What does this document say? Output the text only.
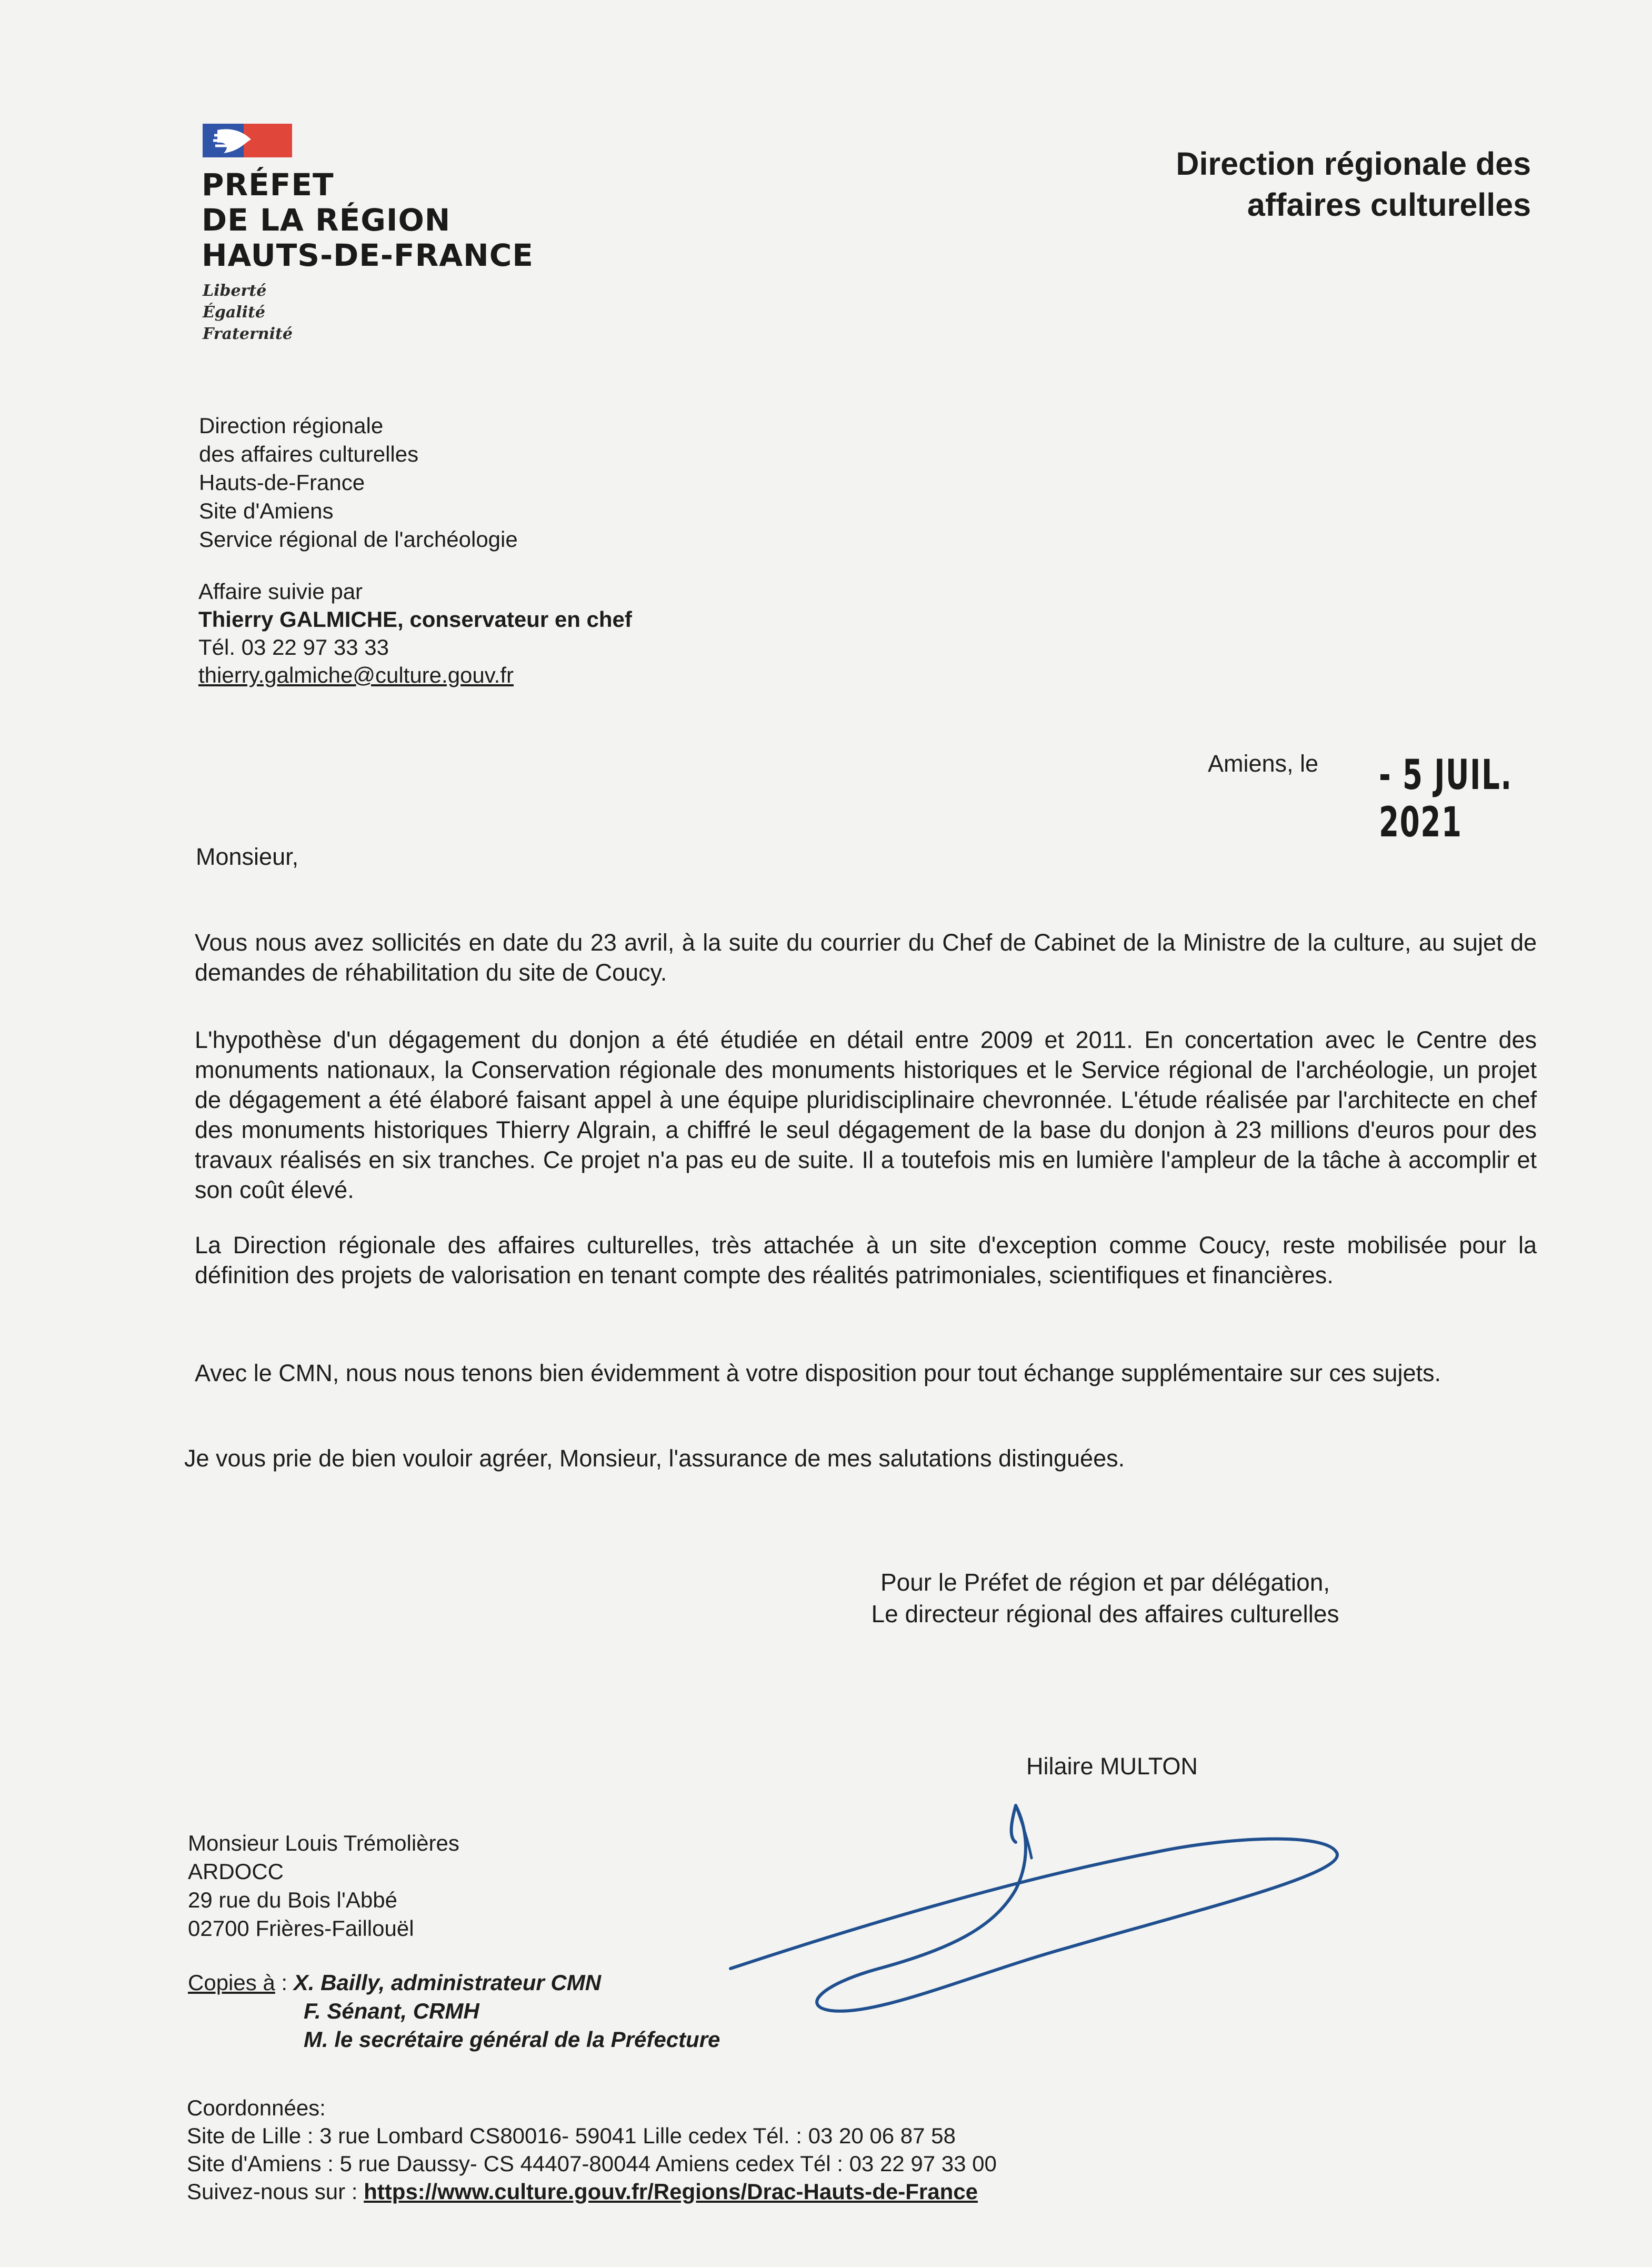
PRÉFET
DE LA RÉGION
HAUTS-DE-FRANCE
Liberté
Égalité
Fraternité
Direction régionale des
affaires culturelles
Direction régionale
des affaires culturelles
Hauts-de-France
Site d'Amiens
Service régional de l'archéologie
Affaire suivie par
Thierry GALMICHE, conservateur en chef
Tél. 03 22 97 33 33
thierry.galmiche@culture.gouv.fr
Amiens, le - 5 JUIL. 2021
Monsieur,
Vous nous avez sollicités en date du 23 avril, à la suite du courrier du Chef de Cabinet de la Ministre de la culture, au sujet de demandes de réhabilitation du site de Coucy.
L'hypothèse d'un dégagement du donjon a été étudiée en détail entre 2009 et 2011. En concertation avec le Centre des monuments nationaux, la Conservation régionale des monuments historiques et le Service régional de l'archéologie, un projet de dégagement a été élaboré faisant appel à une équipe pluridisciplinaire chevronnée. L'étude réalisée par l'architecte en chef des monuments historiques Thierry Algrain, a chiffré le seul dégagement de la base du donjon à 23 millions d'euros pour des travaux réalisés en six tranches. Ce projet n'a pas eu de suite. Il a toutefois mis en lumière l'ampleur de la tâche à accomplir et son coût élevé.
La Direction régionale des affaires culturelles, très attachée à un site d'exception comme Coucy, reste mobilisée pour la définition des projets de valorisation en tenant compte des réalités patrimoniales, scientifiques et financières.
Avec le CMN, nous nous tenons bien évidemment à votre disposition pour tout échange supplémentaire sur ces sujets.
Je vous prie de bien vouloir agréer, Monsieur, l'assurance de mes salutations distinguées.
Pour le Préfet de région et par délégation,
Le directeur régional des affaires culturelles
Hilaire MULTON
Monsieur Louis Trémolières
ARDOCC
29 rue du Bois l'Abbé
02700 Frières-Faillouël
Copies à : X. Bailly, administrateur CMN
F. Sénant, CRMH
M. le secrétaire général de la Préfecture
Coordonnées:
Site de Lille : 3 rue Lombard CS80016- 59041 Lille cedex Tél. : 03 20 06 87 58
Site d'Amiens : 5 rue Daussy- CS 44407-80044 Amiens cedex Tél : 03 22 97 33 00
Suivez-nous sur : https://www.culture.gouv.fr/Regions/Drac-Hauts-de-France
